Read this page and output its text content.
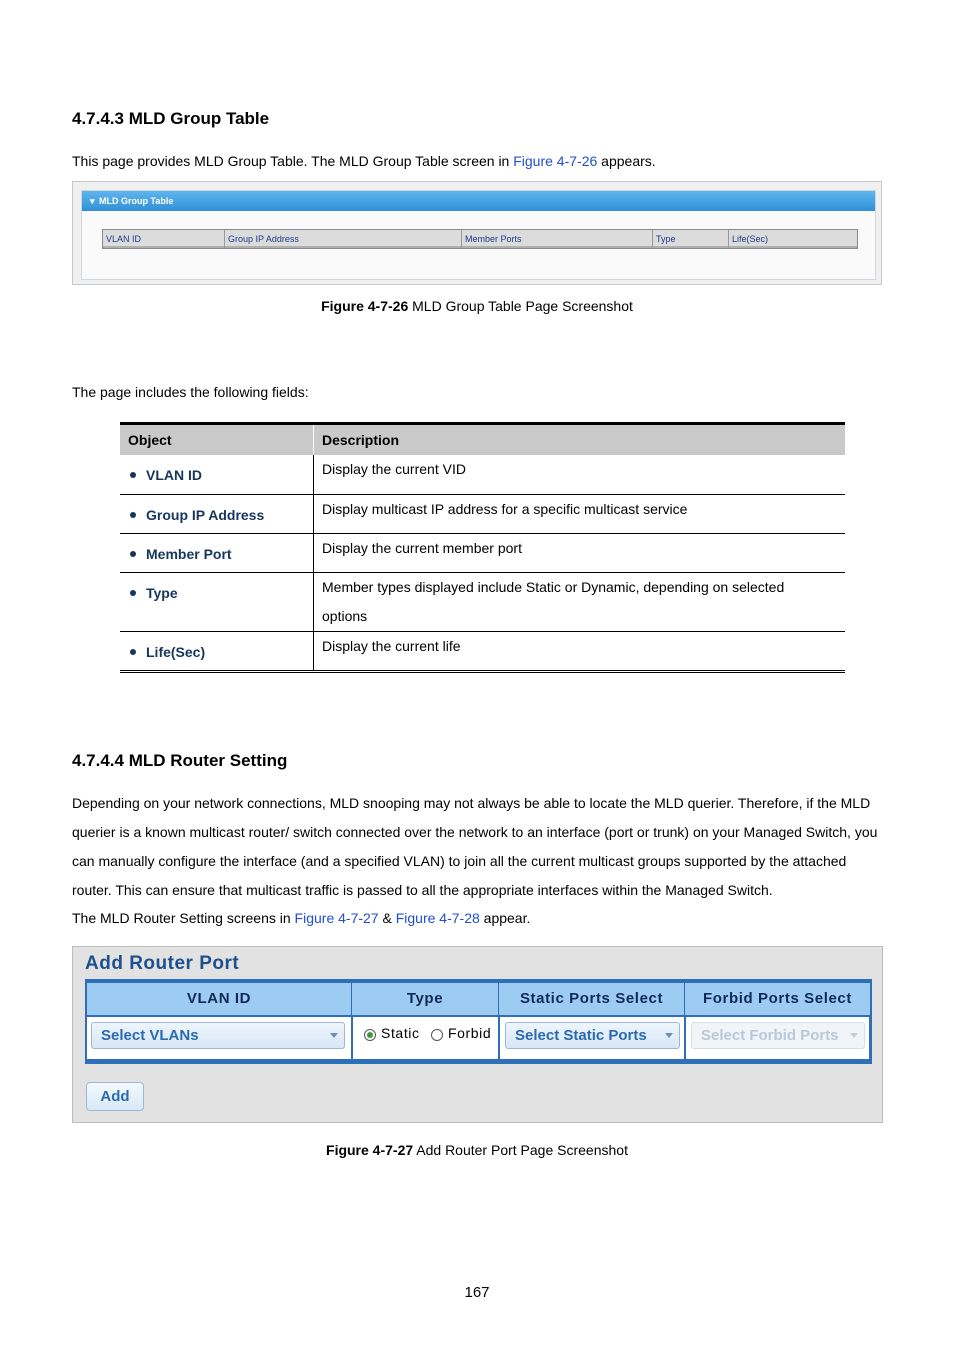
4.7.4.3 MLD Group Table
This page provides MLD Group Table. The MLD Group Table screen in Figure 4-7-26 appears.
▾ MLD Group Table
VLAN ID	Group IP Address	Member Ports	Type	Life(Sec)
Figure 4-7-26 MLD Group Table Page Screenshot
The page includes the following fields:
Object	Description
VLAN ID	Display the current VID
Group IP Address	Display multicast IP address for a specific multicast service
Member Port	Display the current member port
Type	Member types displayed include Static or Dynamic, depending on selected options

Life(Sec)	Display the current life
4.7.4.4 MLD Router Setting
Depending on your network connections, MLD snooping may not always be able to locate the MLD querier. Therefore, if the MLD querier is a known multicast router/ switch connected over the network to an interface (port or trunk) on your Managed Switch, you can manually configure the interface (and a specified VLAN) to join all the current multicast groups supported by the attached router. This can ensure that multicast traffic is passed to all the appropriate interfaces within the Managed Switch.
The MLD Router Setting screens in Figure 4-7-27 & Figure 4-7-28 appear.
Add Router Port
VLAN ID	Type	Static Ports Select	Forbid Ports Select
Select VLANs	Static Forbid	Select Static Ports	Select Forbid Ports
Add
Figure 4-7-27 Add Router Port Page Screenshot
167
